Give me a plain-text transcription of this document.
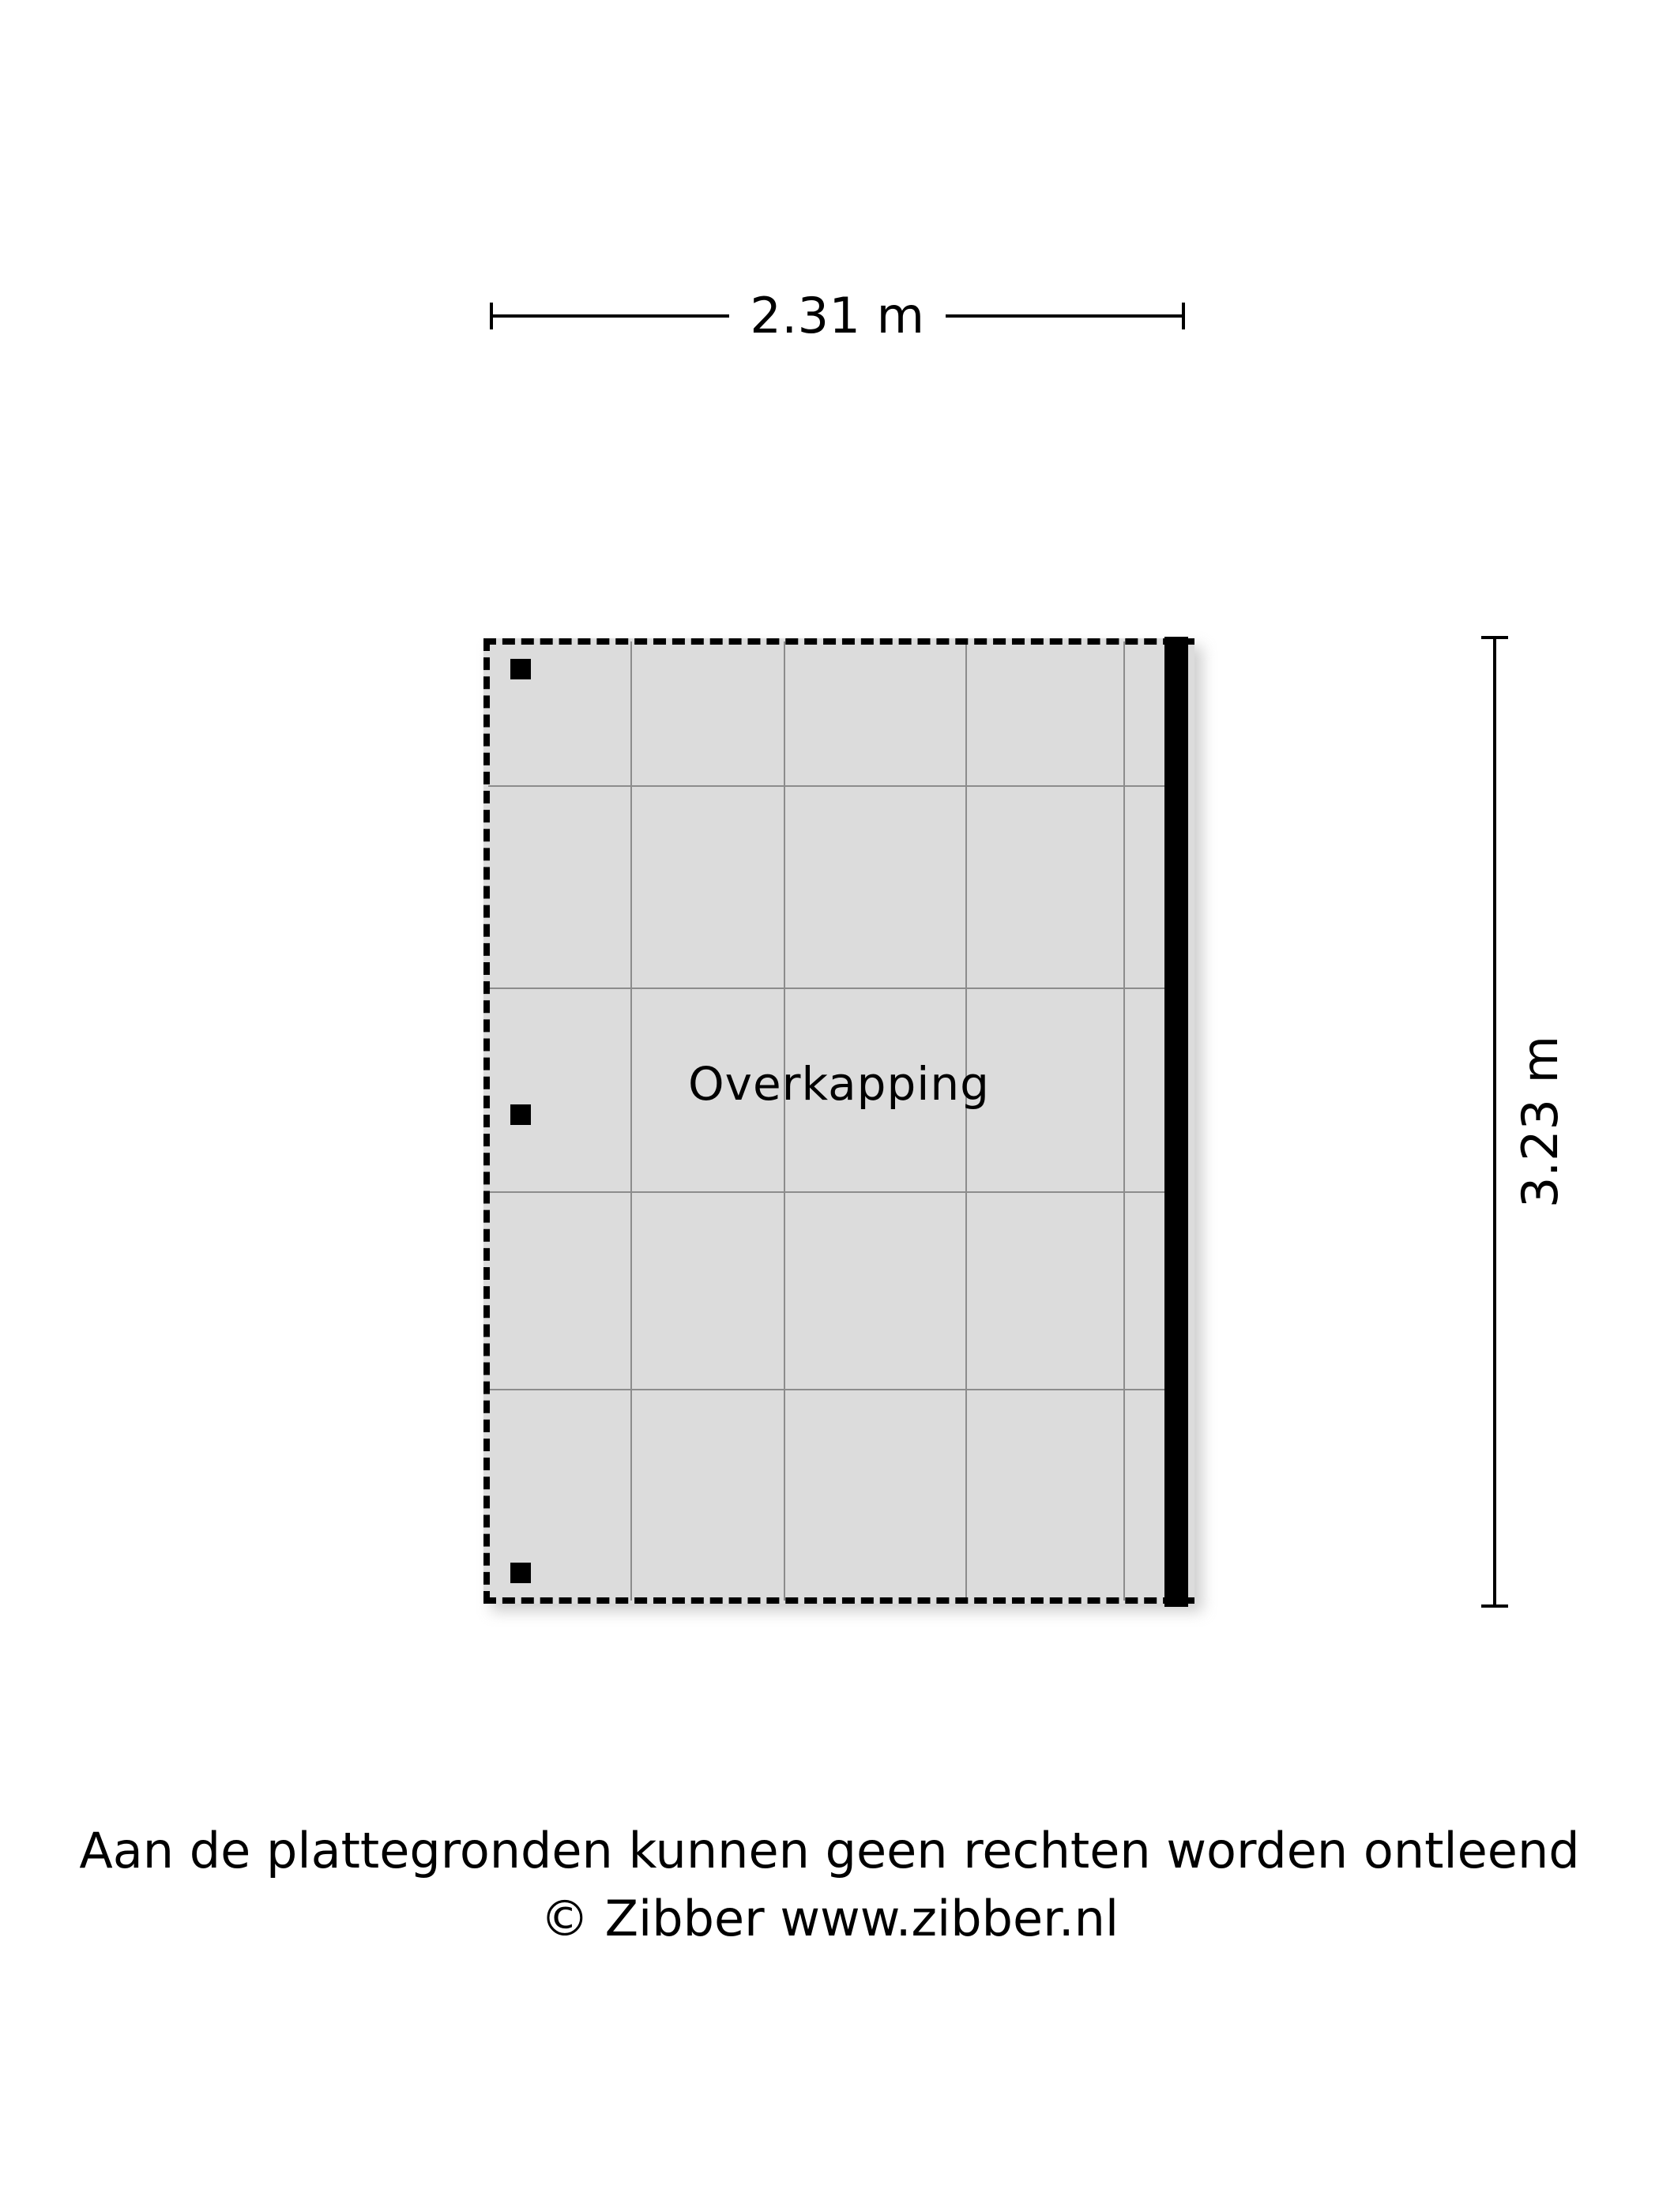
2.31 m
3.23 m
Overkapping
Aan de plattegronden kunnen geen rechten worden ontleend
© Zibber www.zibber.nl
